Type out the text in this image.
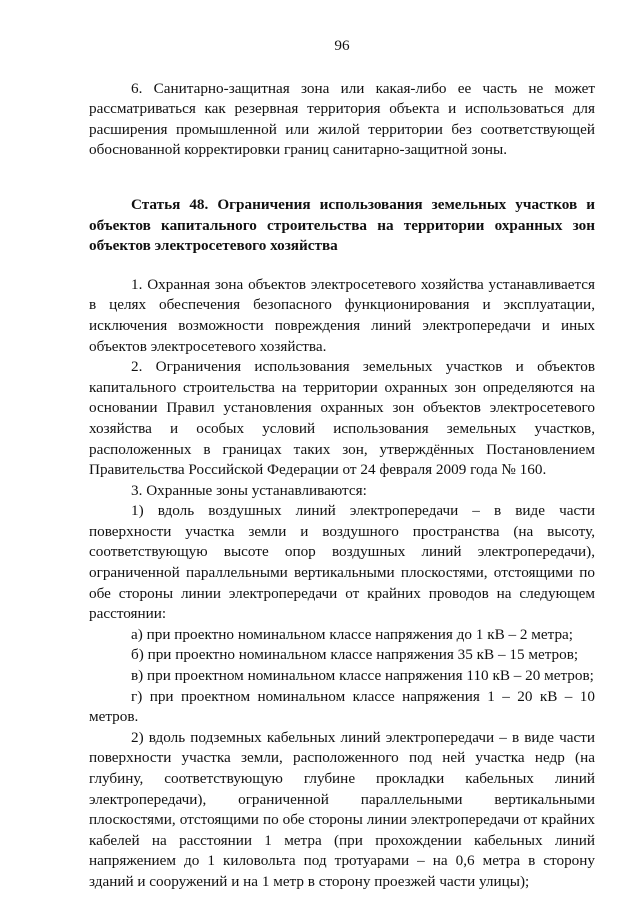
96

6. Санитарно-защитная зона или какая-либо ее часть не может рассматриваться как резервная территория объекта и использоваться для расширения промышленной или жилой территории без соответствующей обоснованной корректировки границ санитарно-защитной зоны.

Статья 48. Ограничения использования земельных участков и объектов капитального строительства на территории охранных зон объектов электросетевого хозяйства

1. Охранная зона объектов электросетевого хозяйства устанавливается в целях обеспечения безопасного функционирования и эксплуатации, исключения возможности повреждения линий электропередачи и иных объектов электросетевого хозяйства.

2. Ограничения использования земельных участков и объектов капитального строительства на территории охранных зон определяются на основании Правил установления охранных зон объектов электросетевого хозяйства и особых условий использования земельных участков, расположенных в границах таких зон, утверждённых Постановлением Правительства Российской Федерации от 24 февраля 2009 года № 160.

3. Охранные зоны устанавливаются:

1) вдоль воздушных линий электропередачи – в виде части поверхности участка земли и воздушного пространства (на высоту, соответствующую высоте опор воздушных линий электропередачи), ограниченной параллельными вертикальными плоскостями, отстоящими по обе стороны линии электропередачи от крайних проводов на следующем расстоянии:

а) при проектно номинальном классе напряжения до 1 кВ – 2 метра;

б) при проектно номинальном классе напряжения 35 кВ – 15 метров;

в) при проектном номинальном классе напряжения 110 кВ – 20 метров;

г) при проектном номинальном классе напряжения 1 – 20 кВ – 10 метров.

2) вдоль подземных кабельных линий электропередачи – в виде части поверхности участка земли, расположенного под ней участка недр (на глубину, соответствующую глубине прокладки кабельных линий электропередачи), ограниченной параллельными вертикальными плоскостями, отстоящими по обе стороны линии электропередачи от крайних кабелей на расстоянии 1 метра (при прохождении кабельных линий напряжением до 1 киловольта под тротуарами – на 0,6 метра в сторону зданий и сооружений и на 1 метр в сторону проезжей части улицы);
